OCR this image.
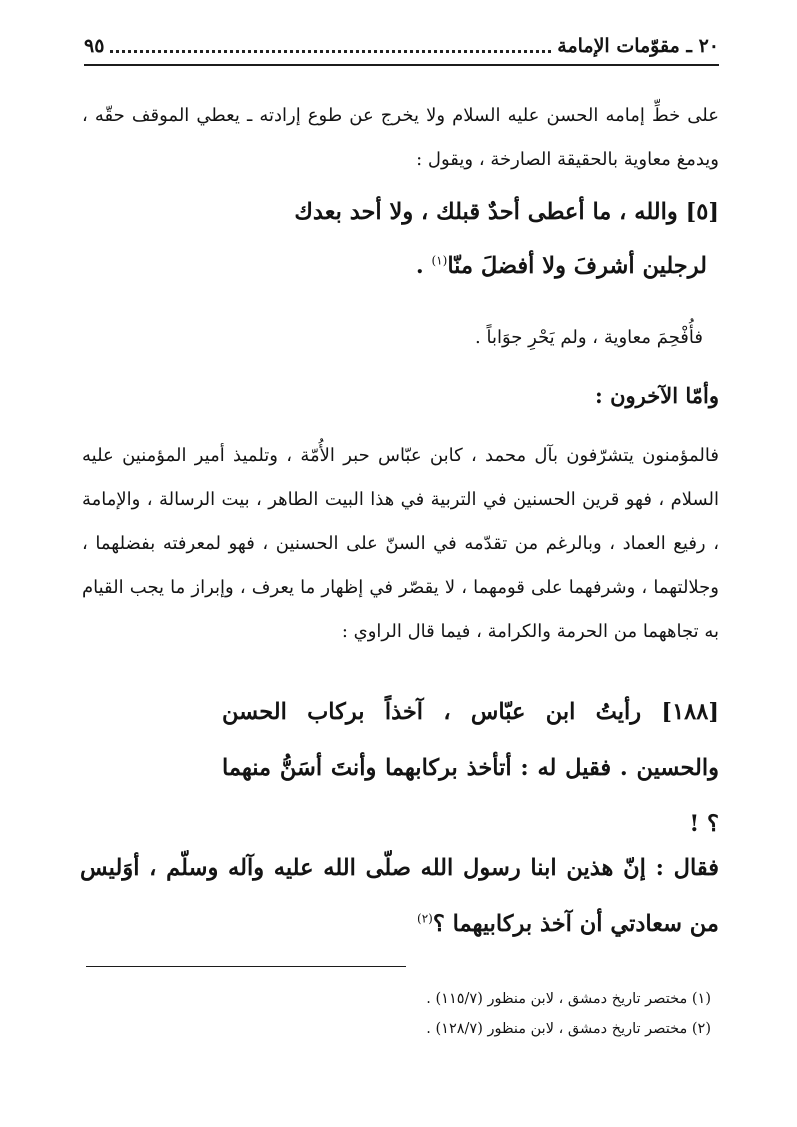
٢٠ ـ مقوّمات الإمامة
٩٥
على خطِّ إمامه الحسن عليه السلام ولا يخرج عن طوع إرادته ـ يعطي الموقف حقّه ، ويدمغ معاوية بالحقيقة الصارخة ، ويقول :
[٥] والله ، ما أعطى أحدٌ قبلك ، ولا أحد بعدك
لرجلين أشرفَ ولا أفضلَ منّا$^{(١)}$ .
فأُفْحِمَ معاوية ، ولم يَحْرِ جوَاباً .
وأمّا الآخرون :
فالمؤمنون يتشرّفون بآل محمد ، كابن عبّاس حبر الأُمّة ، وتلميذ أمير المؤمنين عليه السلام ، فهو قرين الحسنين في التربية في هذا البيت الطاهر ، بيت الرسالة ، والإمامة ، رفيع العماد ، وبالرغم من تقدّمه في السنّ على الحسنين ، فهو لمعرفته بفضلهما ، وجلالتهما ، وشرفهما على قومهما ، لا يقصّر في إظهار ما يعرف ، وإبراز ما يجب القيام به تجاههما من الحرمة والكرامة ، فيما قال الراوي :
[١٨٨] رأيتُ ابن عبّاس ، آخذاً بركاب الحسن والحسين . فقيل له : أتأخذ بركابهما وأنتَ أسَنُّ منهما ؟ !
فقال : إنّ هذين ابنا رسول الله صلّى الله عليه وآله وسلّم ، أوَليس من سعادتي أن آخذ بركابيهما ؟$^{(٢)}$
(١) مختصر تاريخ دمشق ، لابن منظور (١١٥/٧) .
(٢) مختصر تاريخ دمشق ، لابن منظور (١٢٨/٧) .
